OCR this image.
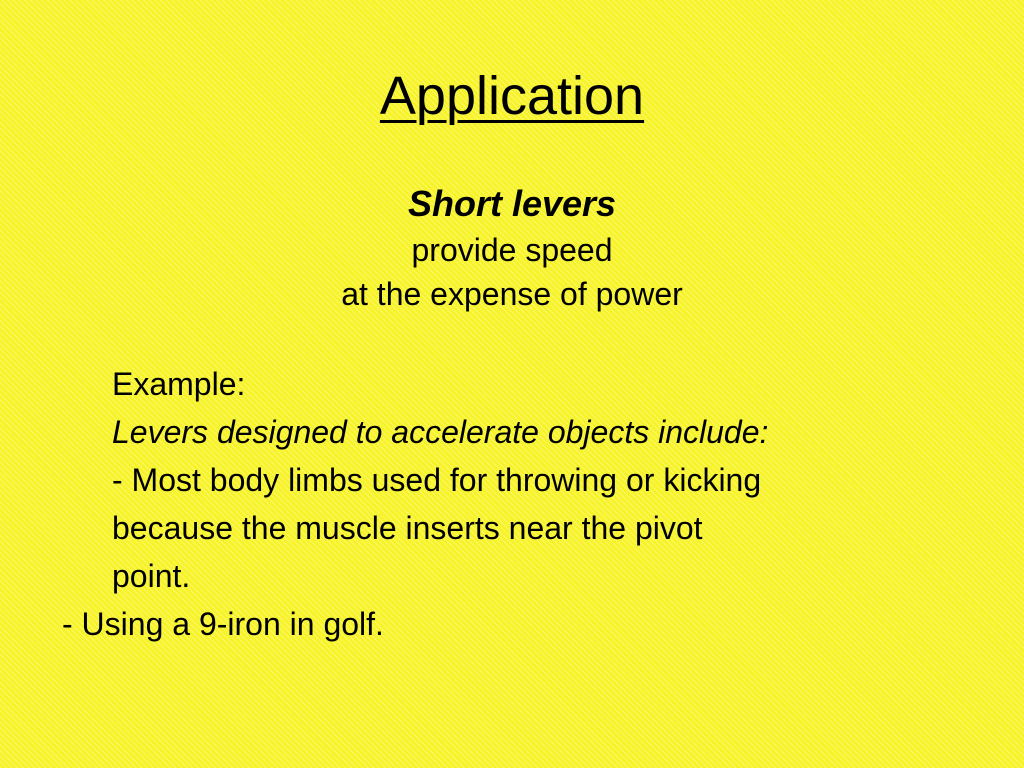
Application
Short levers
provide speed
at the expense of power
Example:
Levers designed to accelerate objects include:
- Most body limbs used for throwing or kicking
because the muscle inserts near the pivot
point.
- Using a 9-iron in golf.
